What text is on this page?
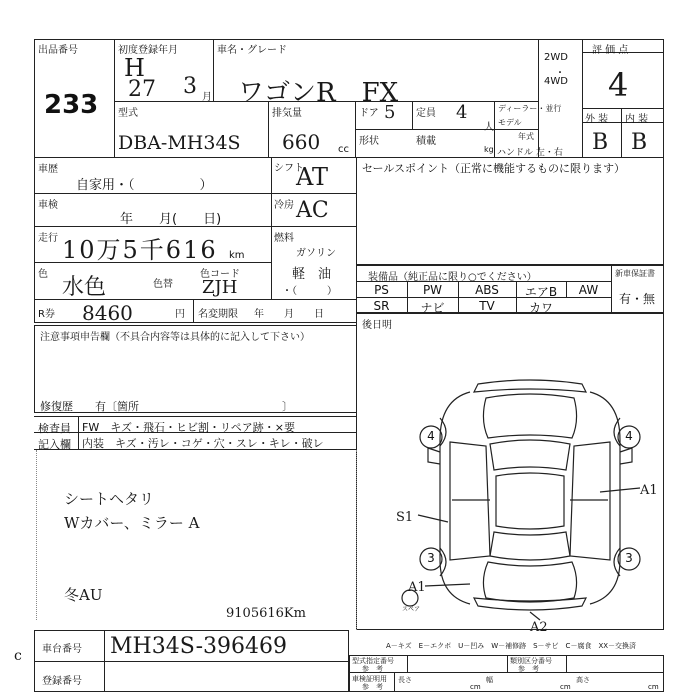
出品番号
233
初度登録年月
H
27 3 月
車名・グレード
ワゴンR　FX
2WD
・
4WD
評 価 点
4
型式
DBA-MH34S
排気量
660 cc
ドア 5 定員 4
人
ディーラー・並行
モデル
形状	積載
kg
年式
ハンドル 左・右
外 装 内 装
B B
車歴
自家用・（　　　　　）
車検
年　　月(　　日)
走行 10万5千616 km
色
水色	色替
色コード
ZJH
R券 8460	円 名変期限 年　　月　　日
シフト
AT
冷房 AC
燃料
ガソリン
軽　油
・（　　　）
セールスポイント（正常に機能するものに限ります）
装備品（純正品に限り○でください）	新車保証書
有・無
PS	PW	ABS	エアB	AW
SR	ナビ	TV	カワ
後日明
注意事項申告欄（不具合内容等は具体的に記入して下さい）
修復歴　　有〔箇所　　　　　　　　　　　　　〕
検査員 FW　キズ・飛石・ヒビ割・リペア跡・×要
記入欄 内装　キズ・汚レ・コゲ・穴・スレ・キレ・破レ
シートヘタリ
Wカバー、ミラー A
冬AU
9105616Km
4	4
3	3
スペア
S1
A1
A1
A2
A－キズ　E－エクボ　U－凹み　W－補修跡　S－サビ　C－腐食　XX－交換済
c 車台番号 MH34S-396469
登録番号
型式指定番号
参　考
類別区分番号
参　考
車検証明用
参　考
長さ
cm
幅
cm
高さ
cm
